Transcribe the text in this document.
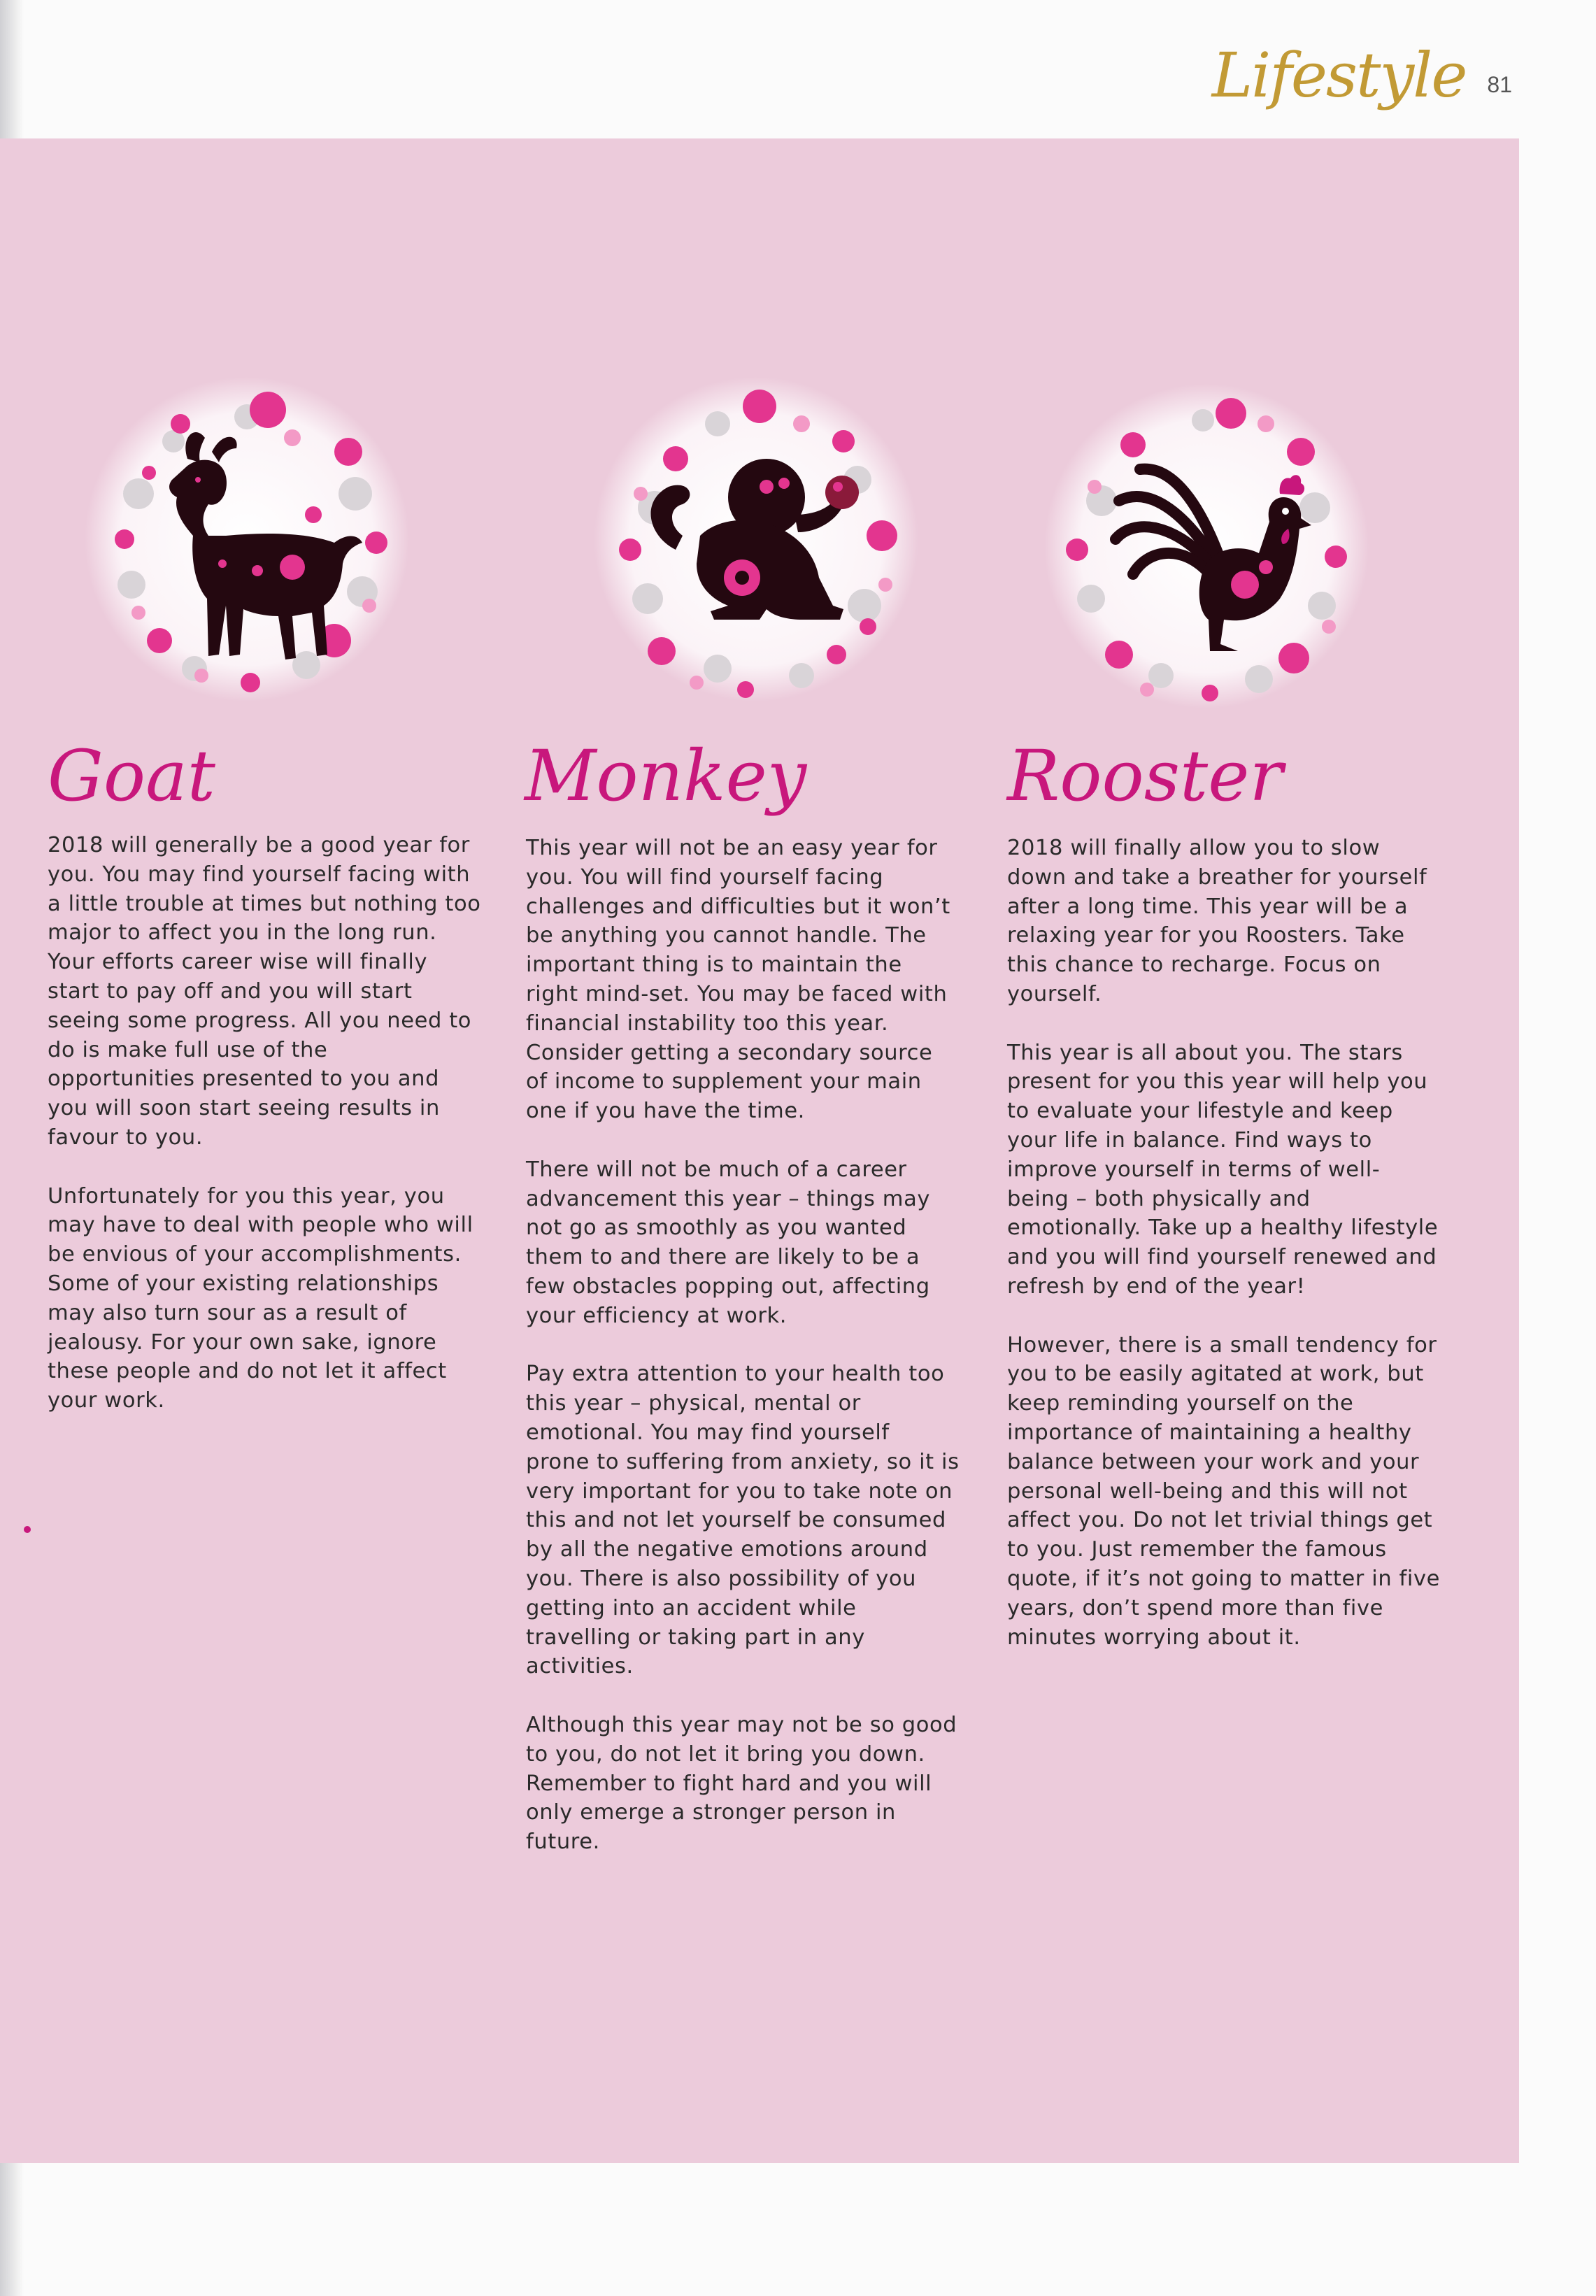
Lifestyle 81
Goat

2018 will generally be a good year for you. You may find yourself facing with a little trouble at times but nothing too major to affect you in the long run. Your efforts career wise will finally start to pay off and you will start seeing some progress. All you need to do is make full use of the opportunities presented to you and you will soon start seeing results in favour to you.

Unfortunately for you this year, you may have to deal with people who will be envious of your accomplishments. Some of your existing relationships may also turn sour as a result of jealousy. For your own sake, ignore these people and do not let it affect your work.

Monkey

This year will not be an easy year for you. You will find yourself facing challenges and difficulties but it won’t be anything you cannot handle. The important thing is to maintain the right mind-set. You may be faced with financial instability too this year. Consider getting a secondary source of income to supplement your main one if you have the time.

There will not be much of a career advancement this year – things may not go as smoothly as you wanted them to and there are likely to be a few obstacles popping out, affecting your efficiency at work.

Pay extra attention to your health too this year – physical, mental or emotional. You may find yourself prone to suffering from anxiety, so it is very important for you to take note on this and not let yourself be consumed by all the negative emotions around you. There is also possibility of you getting into an accident while travelling or taking part in any activities.

Although this year may not be so good to you, do not let it bring you down. Remember to fight hard and you will only emerge a stronger person in future.

Rooster

2018 will finally allow you to slow down and take a breather for yourself after a long time. This year will be a relaxing year for you Roosters. Take this chance to recharge. Focus on yourself.

This year is all about you. The stars present for you this year will help you to evaluate your lifestyle and keep your life in balance. Find ways to improve yourself in terms of well-being – both physically and emotionally. Take up a healthy lifestyle and you will find yourself renewed and refresh by end of the year!

However, there is a small tendency for you to be easily agitated at work, but keep reminding yourself on the importance of maintaining a healthy balance between your work and your personal well-being and this will not affect you. Do not let trivial things get to you. Just remember the famous quote, if it’s not going to matter in five years, don’t spend more than five minutes worrying about it.
